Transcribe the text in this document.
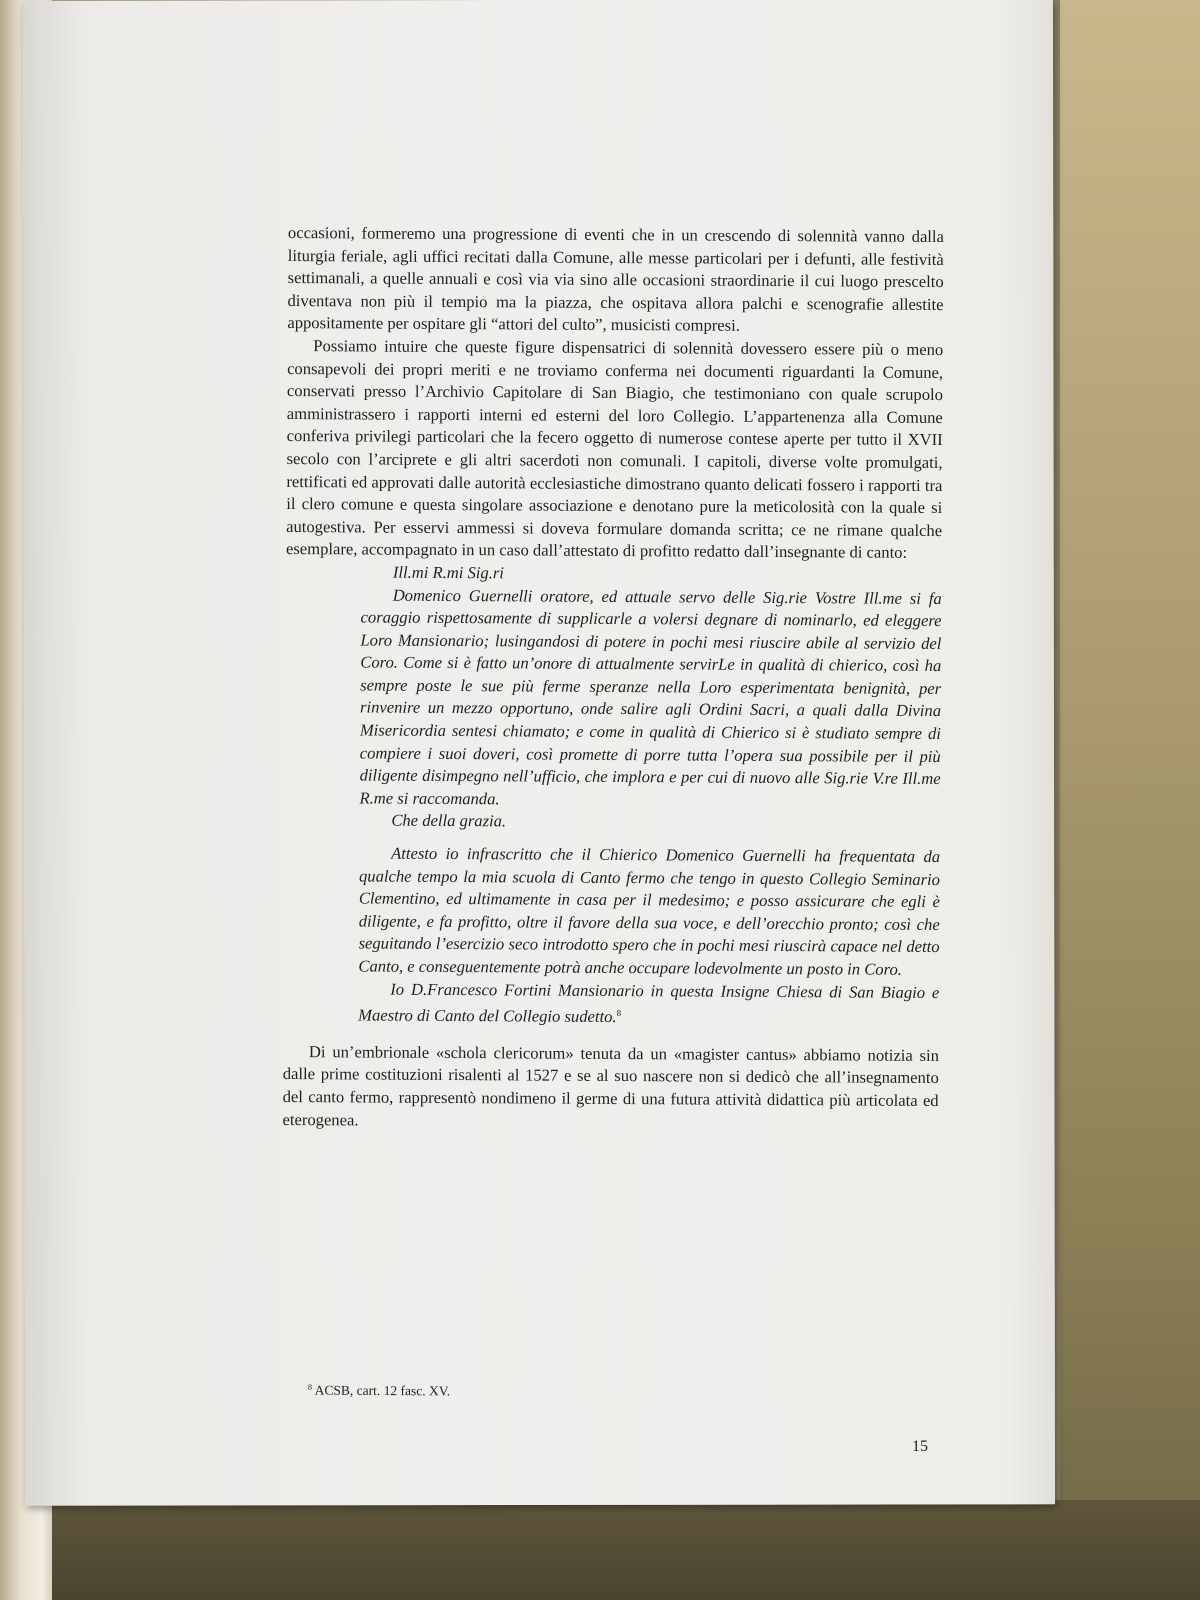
occasioni, formeremo una progressione di eventi che in un crescendo di solennità vanno dalla liturgia feriale, agli uffici recitati dalla Comune, alle messe particolari per i defunti, alle festività settimanali, a quelle annuali e così via via sino alle occasioni straordinarie il cui luogo prescelto diventava non più il tempio ma la piazza, che ospitava allora palchi e scenografie allestite appositamente per ospitare gli “attori del culto”, musicisti compresi.

Possiamo intuire che queste figure dispensatrici di solennità dovessero essere più o meno consapevoli dei propri meriti e ne troviamo conferma nei documenti riguardanti la Comune, conservati presso l’Archivio Capitolare di San Biagio, che testimoniano con quale scrupolo amministrassero i rapporti interni ed esterni del loro Collegio. L’appartenenza alla Comune conferiva privilegi particolari che la fecero oggetto di numerose contese aperte per tutto il XVII secolo con l’arciprete e gli altri sacerdoti non comunali. I capitoli, diverse volte promulgati, rettificati ed approvati dalle autorità ecclesiastiche dimostrano quanto delicati fossero i rapporti tra il clero comune e questa singolare associazione e denotano pure la meticolosità con la quale si autogestiva. Per esservi ammessi si doveva formulare domanda scritta; ce ne rimane qualche esemplare, accompagnato in un caso dall’attestato di profitto redatto dall’insegnante di canto:

Ill.mi R.mi Sig.ri

Domenico Guernelli oratore, ed attuale servo delle Sig.rie Vostre Ill.me si fa coraggio rispettosamente di supplicarle a volersi degnare di nominarlo, ed eleggere Loro Mansionario; lusingandosi di potere in pochi mesi riuscire abile al servizio del Coro. Come si è fatto un’onore di attualmente servirLe in qualità di chierico, così ha sempre poste le sue più ferme speranze nella Loro esperimentata benignità, per rinvenire un mezzo opportuno, onde salire agli Ordini Sacri, a quali dalla Divina Misericordia sentesi chiamato; e come in qualità di Chierico si è studiato sempre di compiere i suoi doveri, così promette di porre tutta l’opera sua possibile per il più diligente disimpegno nell’ufficio, che implora e per cui di nuovo alle Sig.rie V.re Ill.me R.me si raccomanda.

Che della grazia.

Attesto io infrascritto che il Chierico Domenico Guernelli ha frequentata da qualche tempo la mia scuola di Canto fermo che tengo in questo Collegio Seminario Clementino, ed ultimamente in casa per il medesimo; e posso assicurare che egli è diligente, e fa profitto, oltre il favore della sua voce, e dell’orecchio pronto; così che seguitando l’esercizio seco introdotto spero che in pochi mesi riuscirà capace nel detto Canto, e conseguentemente potrà anche occupare lodevolmente un posto in Coro.

Io D.Francesco Fortini Mansionario in questa Insigne Chiesa di San Biagio e Maestro di Canto del Collegio sudetto.$^8$

Di un’embrionale «schola clericorum» tenuta da un «magister cantus» abbiamo notizia sin dalle prime costituzioni risalenti al 1527 e se al suo nascere non si dedicò che all’insegnamento del canto fermo, rappresentò nondimeno il germe di una futura attività didattica più articolata ed eterogenea.

$^8$ ACSB, cart. 12 fasc. XV.
15
